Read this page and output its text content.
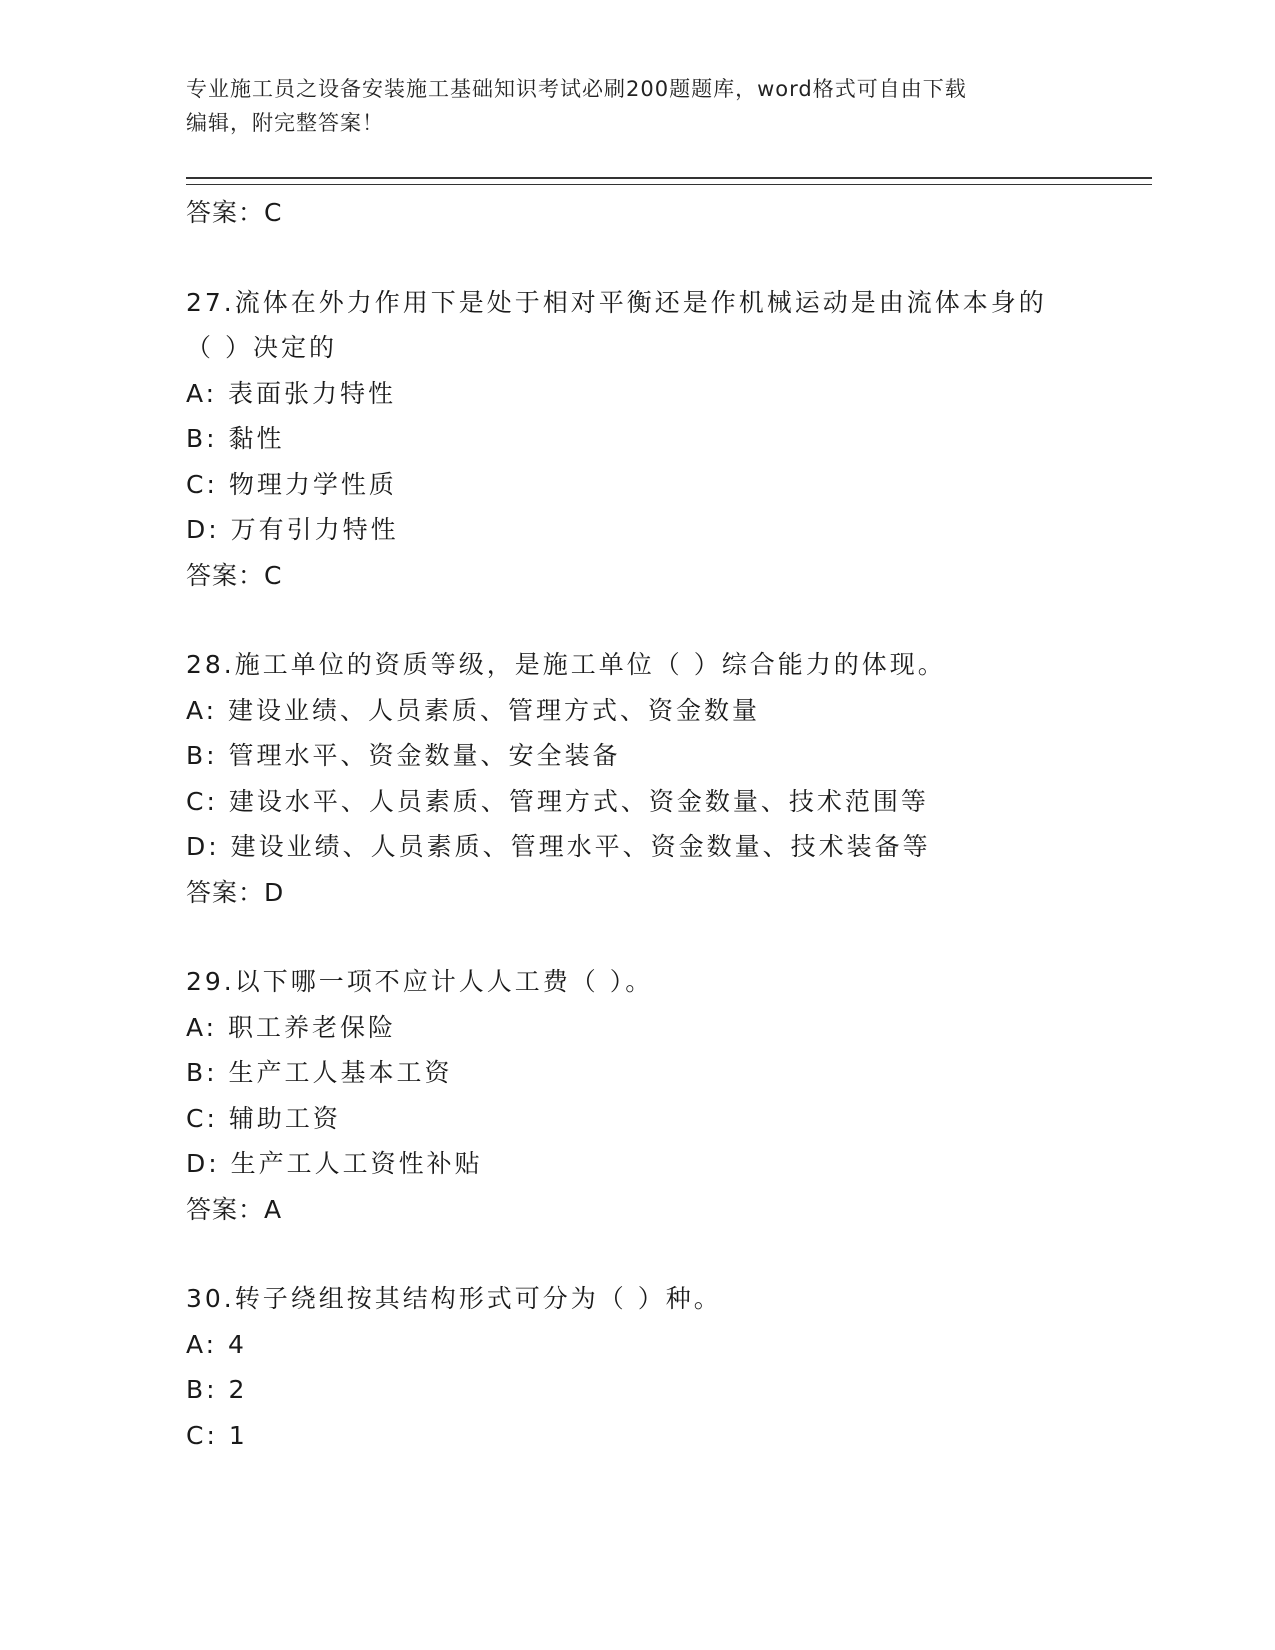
专业施工员之设备安装施工基础知识考试必刷200题题库，word格式可自由下载
编辑，附完整答案！
答案：C
27.流体在外力作用下是处于相对平衡还是作机械运动是由流体本身的
（ ）决定的
A: 表面张力特性
B: 黏性
C: 物理力学性质
D: 万有引力特性
答案：C
28.施工单位的资质等级，是施工单位（ ）综合能力的体现。
A: 建设业绩、人员素质、管理方式、资金数量
B: 管理水平、资金数量、安全装备
C: 建设水平、人员素质、管理方式、资金数量、技术范围等
D: 建设业绩、人员素质、管理水平、资金数量、技术装备等
答案：D
29.以下哪一项不应计人人工费（ ）。
A: 职工养老保险
B: 生产工人基本工资
C: 辅助工资
D: 生产工人工资性补贴
答案：A
30.转子绕组按其结构形式可分为（ ）种。
A: 4
B: 2
C: 1
